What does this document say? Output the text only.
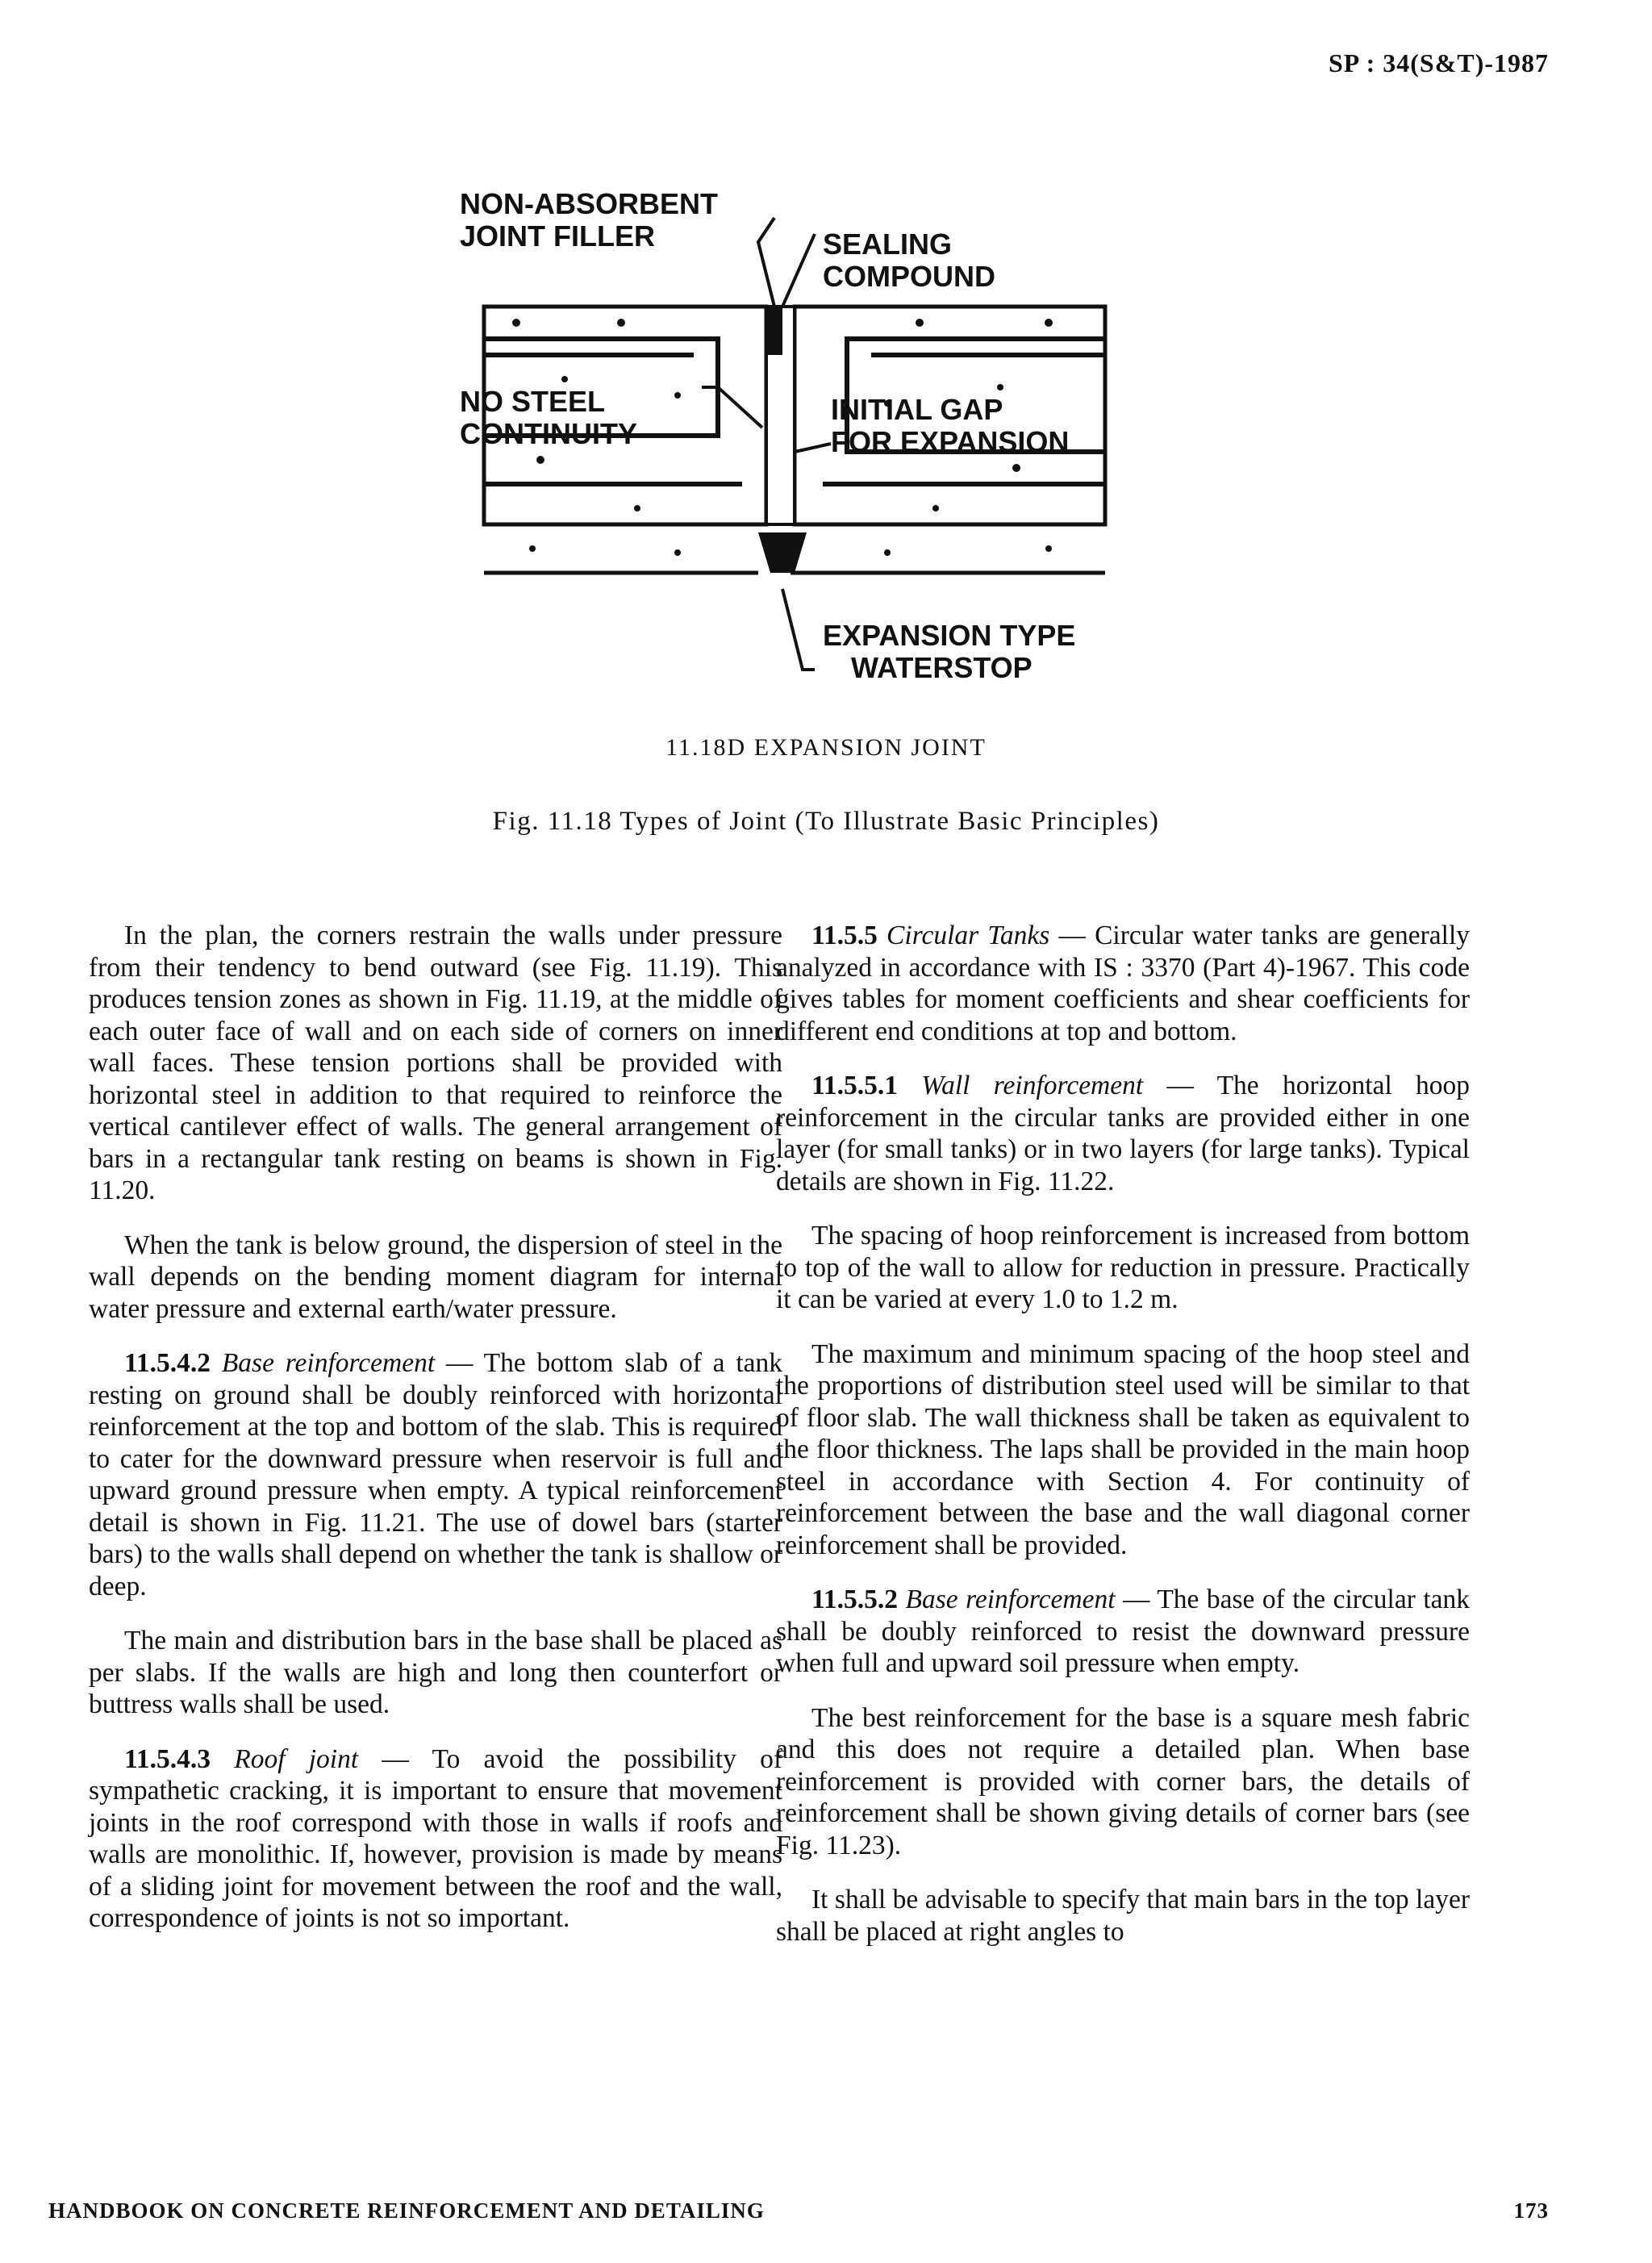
SP : 34(S&T)-1987
NON-ABSORBENT
JOINT FILLER	SEALING
COMPOUND
NO STEEL
CONTINUITY
INITIAL GAP
FOR EXPANSION
EXPANSION TYPE
WATERSTOP
11.18D EXPANSION JOINT
Fig. 11.18 Types of Joint (To Illustrate Basic Principles)

In the plan, the corners restrain the walls under pressure from their tendency to bend outward (see Fig. 11.19). This produces tension zones as shown in Fig. 11.19, at the middle of each outer face of wall and on each side of corners on inner wall faces. These tension portions shall be provided with horizontal steel in addition to that required to reinforce the vertical cantilever effect of walls. The general arrangement of bars in a rectangular tank resting on beams is shown in Fig. 11.20.

When the tank is below ground, the dispersion of steel in the wall depends on the bending moment diagram for internal water pressure and external earth/water pressure.

11.5.4.2 Base reinforcement — The bottom slab of a tank resting on ground shall be doubly reinforced with horizontal reinforcement at the top and bottom of the slab. This is required to cater for the downward pressure when reservoir is full and upward ground pressure when empty. A typical reinforcement detail is shown in Fig. 11.21. The use of dowel bars (starter bars) to the walls shall depend on whether the tank is shallow or deep.

The main and distribution bars in the base shall be placed as per slabs. If the walls are high and long then counterfort or buttress walls shall be used.

11.5.4.3 Roof joint — To avoid the possibility of sympathetic cracking, it is important to ensure that movement joints in the roof correspond with those in walls if roofs and walls are monolithic. If, however, provision is made by means of a sliding joint for movement between the roof and the wall, correspondence of joints is not so important.

11.5.5 Circular Tanks — Circular water tanks are generally analyzed in accordance with IS : 3370 (Part 4)-1967. This code gives tables for moment coefficients and shear coefficients for different end conditions at top and bottom.

11.5.5.1 Wall reinforcement — The horizontal hoop reinforcement in the circular tanks are provided either in one layer (for small tanks) or in two layers (for large tanks). Typical details are shown in Fig. 11.22.

The spacing of hoop reinforcement is increased from bottom to top of the wall to allow for reduction in pressure. Practically it can be varied at every 1.0 to 1.2 m.

The maximum and minimum spacing of the hoop steel and the proportions of distribution steel used will be similar to that of floor slab. The wall thickness shall be taken as equivalent to the floor thickness. The laps shall be provided in the main hoop steel in accordance with Section 4. For continuity of reinforcement between the base and the wall diagonal corner reinforcement shall be provided.

11.5.5.2 Base reinforcement — The base of the circular tank shall be doubly reinforced to resist the downward pressure when full and upward soil pressure when empty.

The best reinforcement for the base is a square mesh fabric and this does not require a detailed plan. When base reinforcement is provided with corner bars, the details of reinforcement shall be shown giving details of corner bars (see Fig. 11.23).

It shall be advisable to specify that main bars in the top layer shall be placed at right angles to

HANDBOOK ON CONCRETE REINFORCEMENT AND DETAILING	173
